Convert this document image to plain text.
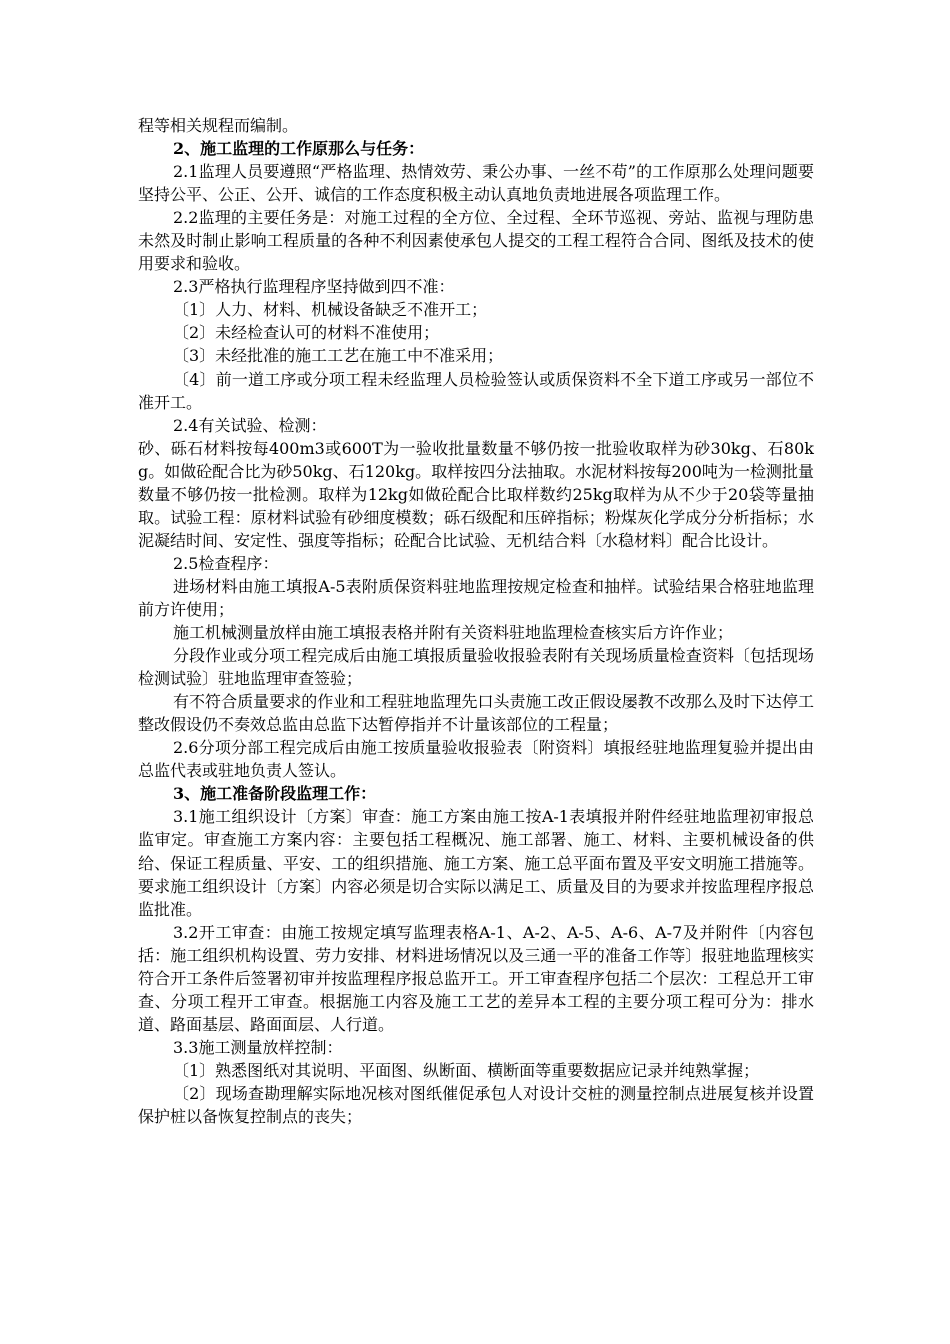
程等相关规程而编制。

2、施工监理的工作原那么与任务：

2.1监理人员要遵照“严格监理、热情效劳、秉公办事、一丝不苟”的工作原那么处理问题要坚持公平、公正、公开、诚信的工作态度积极主动认真地负责地进展各项监理工作。

2.2监理的主要任务是：对施工过程的全方位、全过程、全环节巡视、旁站、监视与理防患未然及时制止影响工程质量的各种不利因素使承包人提交的工程工程符合合同、图纸及技术的使用要求和验收。

2.3严格执行监理程序坚持做到四不准：

〔1〕人力、材料、机械设备缺乏不准开工；

〔2〕未经检查认可的材料不准使用；

〔3〕未经批准的施工工艺在施工中不准采用；

〔4〕前一道工序或分项工程未经监理人员检验签认或质保资料不全下道工序或另一部位不准开工。

2.4有关试验、检测：

砂、砾石材料按每400m3或600T为一验收批量数量不够仍按一批验收取样为砂30kg、石80kg。如做砼配合比为砂50kg、石120kg。取样按四分法抽取。水泥材料按每200吨为一检测批量数量不够仍按一批检测。取样为12kg如做砼配合比取样数约25kg取样为从不少于20袋等量抽取。试验工程：原材料试验有砂细度模数；砾石级配和压碎指标；粉煤灰化学成分分析指标；水泥凝结时间、安定性、强度等指标；砼配合比试验、无机结合料〔水稳材料〕配合比设计。

2.5检查程序：

进场材料由施工填报A-5表附质保资料驻地监理按规定检查和抽样。试验结果合格驻地监理前方许使用；

施工机械测量放样由施工填报表格并附有关资料驻地监理检查核实后方许作业；

分段作业或分项工程完成后由施工填报质量验收报验表附有关现场质量检查资料〔包括现场检测试验〕驻地监理审查签验；

有不符合质量要求的作业和工程驻地监理先口头责施工改正假设屡教不改那么及时下达停工整改假设仍不奏效总监由总监下达暂停指并不计量该部位的工程量；

2.6分项分部工程完成后由施工按质量验收报验表〔附资料〕填报经驻地监理复验并提出由总监代表或驻地负责人签认。

3、施工准备阶段监理工作：

3.1施工组织设计〔方案〕审查：施工方案由施工按A-1表填报并附件经驻地监理初审报总监审定。审查施工方案内容：主要包括工程概况、施工部署、施工、材料、主要机械设备的供给、保证工程质量、平安、工的组织措施、施工方案、施工总平面布置及平安文明施工措施等。要求施工组织设计〔方案〕内容必须是切合实际以满足工、质量及目的为要求并按监理程序报总监批准。

3.2开工审查：由施工按规定填写监理表格A-1、A-2、A-5、A-6、A-7及并附件〔内容包括：施工组织机构设置、劳力安排、材料进场情况以及三通一平的准备工作等〕报驻地监理核实符合开工条件后签署初审并按监理程序报总监开工。开工审查程序包括二个层次：工程总开工审查、分项工程开工审查。根据施工内容及施工工艺的差异本工程的主要分项工程可分为：排水道、路面基层、路面面层、人行道。

3.3施工测量放样控制：

〔1〕熟悉图纸对其说明、平面图、纵断面、横断面等重要数据应记录并纯熟掌握；

〔2〕现场查勘理解实际地况核对图纸催促承包人对设计交桩的测量控制点进展复核并设置保护桩以备恢复控制点的丧失；
